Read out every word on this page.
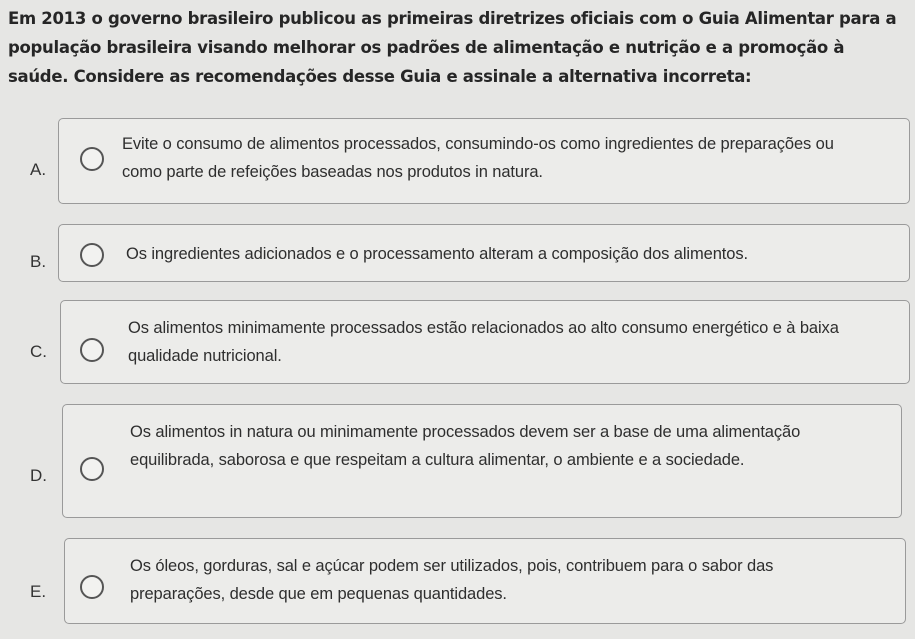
Em 2013 o governo brasileiro publicou as primeiras diretrizes oficiais com o Guia Alimentar para a população brasileira visando melhorar os padrões de alimentação e nutrição e a promoção à saúde. Considere as recomendações desse Guia e assinale a alternativa incorreta:
A.
Evite o consumo de alimentos processados, consumindo-os como ingredientes de preparações ou como parte de refeições baseadas nos produtos in natura.
B.	Os ingredientes adicionados e o processamento alteram a composição dos alimentos.
C.
Os alimentos minimamente processados estão relacionados ao alto consumo energético e à baixa qualidade nutricional.
D.
Os alimentos in natura ou minimamente processados devem ser a base de uma alimentação equilibrada, saborosa e que respeitam a cultura alimentar, o ambiente e a sociedade.
E.
Os óleos, gorduras, sal e açúcar podem ser utilizados, pois, contribuem para o sabor das preparações, desde que em pequenas quantidades.
